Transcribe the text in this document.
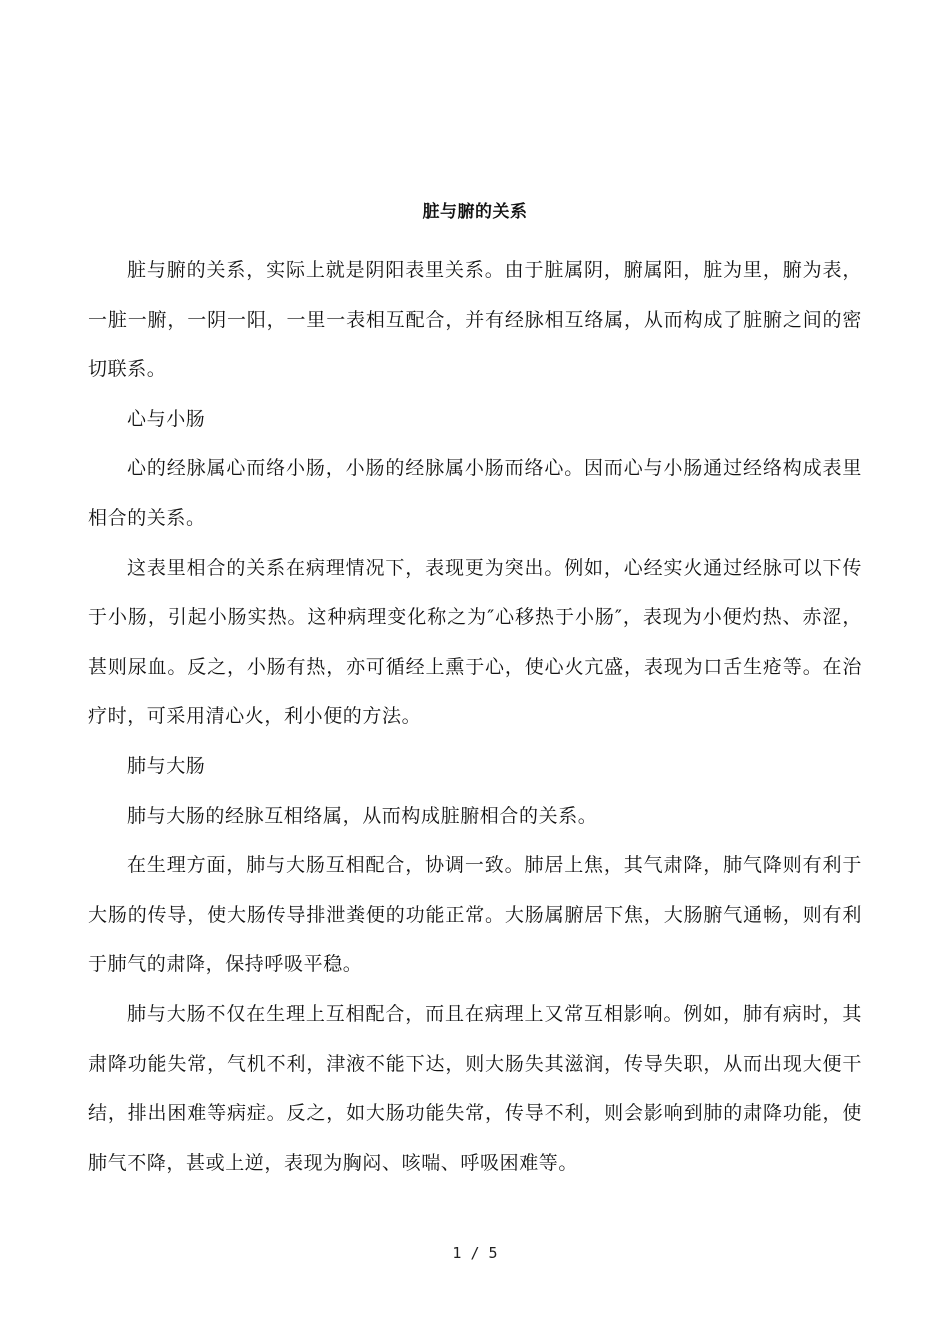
脏与腑的关系

脏与腑的关系，实际上就是阴阳表里关系。由于脏属阴，腑属阳，脏为里，腑为表，一脏一腑，一阴一阳，一里一表相互配合，并有经脉相互络属，从而构成了脏腑之间的密切联系。

心与小肠

心的经脉属心而络小肠，小肠的经脉属小肠而络心。因而心与小肠通过经络构成表里相合的关系。

这表里相合的关系在病理情况下，表现更为突出。例如，心经实火通过经脉可以下传于小肠，引起小肠实热。这种病理变化称之为″心移热于小肠″，表现为小便灼热、赤涩，甚则尿血。反之，小肠有热，亦可循经上熏于心，使心火亢盛，表现为口舌生疮等。在治疗时，可采用清心火，利小便的方法。

肺与大肠

肺与大肠的经脉互相络属，从而构成脏腑相合的关系。

在生理方面，肺与大肠互相配合，协调一致。肺居上焦，其气肃降，肺气降则有利于大肠的传导，使大肠传导排泄粪便的功能正常。大肠属腑居下焦，大肠腑气通畅，则有利于肺气的肃降，保持呼吸平稳。

肺与大肠不仅在生理上互相配合，而且在病理上又常互相影响。例如，肺有病时，其肃降功能失常，气机不利，津液不能下达，则大肠失其滋润，传导失职，从而出现大便干结，排出困难等病症。反之，如大肠功能失常，传导不利，则会影响到肺的肃降功能，使肺气不降，甚或上逆，表现为胸闷、咳喘、呼吸困难等。

1 / 5
